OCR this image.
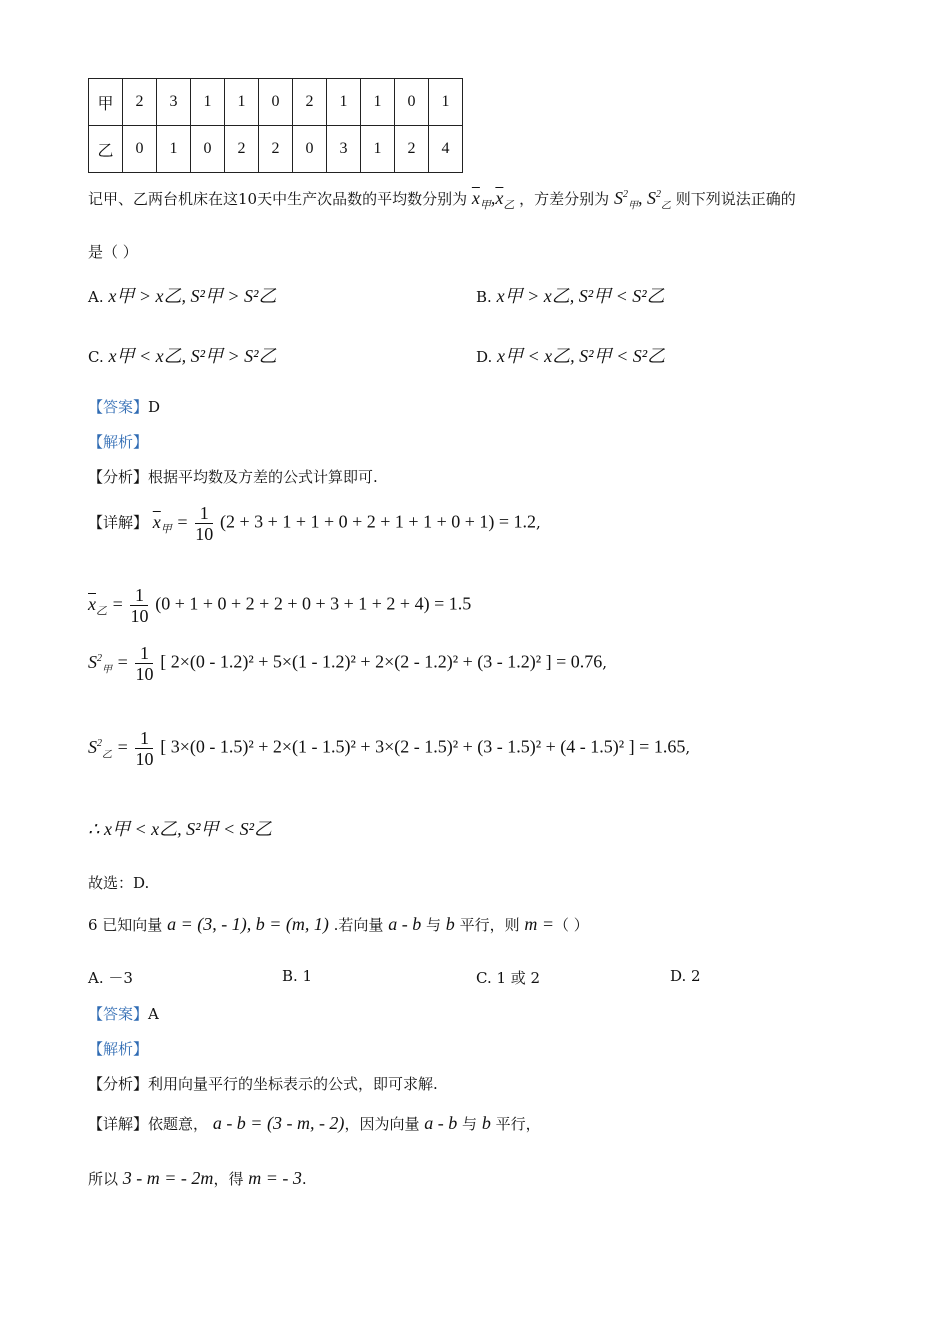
甲	2	3	1	1	0	2	1	1	0	1
乙	0	1	0	2	2	0	3	1	2	4
记甲、乙两台机床在这10天中生产次品数的平均数分别为 $\overline{x}_甲,\overline{x}_乙$ ，方差分别为 $S^2_甲$, $S^2_乙$ 则下列说法正确的
是（ ）
A. x甲 > x乙, S²甲 > S²乙	B. x甲 > x乙, S²甲 < S²乙
C. x甲 < x乙, S²甲 > S²乙	D. x甲 < x乙, S²甲 < S²乙
【答案】D
【解析】
【分析】根据平均数及方差的公式计算即可.
【详解】 $\overline{x}_甲 = \frac{1}{10} (2 + 3 + 1 + 1 + 0 + 2 + 1 + 1 + 0 + 1) = 1.2$,
$\overline{x}_乙 = \frac{1}{10} (0 + 1 + 0 + 2 + 2 + 0 + 3 + 1 + 2 + 4) = 1.5$
$S^2_甲 = \frac{1}{10}$ [ 2×(0 - 1.2)² + 5×(1 - 1.2)² + 2×(2 - 1.2)² + (3 - 1.2)² ] = 0.76,
$S^2_乙 = \frac{1}{10}$ [ 3×(0 - 1.5)² + 2×(1 - 1.5)² + 3×(2 - 1.5)² + (3 - 1.5)² + (4 - 1.5)² ] = 1.65,
∴ x甲 < x乙, S²甲 < S²乙
故选：D.
6 已知向量 a = (3, - 1), b = (m, 1) .若向量 a - b 与 b 平行，则 m =（ ）
A. －3	B. 1	C. 1 或 2	D. 2
【答案】A
【解析】
【分析】利用向量平行的坐标表示的公式，即可求解.
【详解】依题意， a - b = (3 - m, - 2)，因为向量 a - b 与 b 平行，
所以 3 - m = - 2m，得 m = - 3.
